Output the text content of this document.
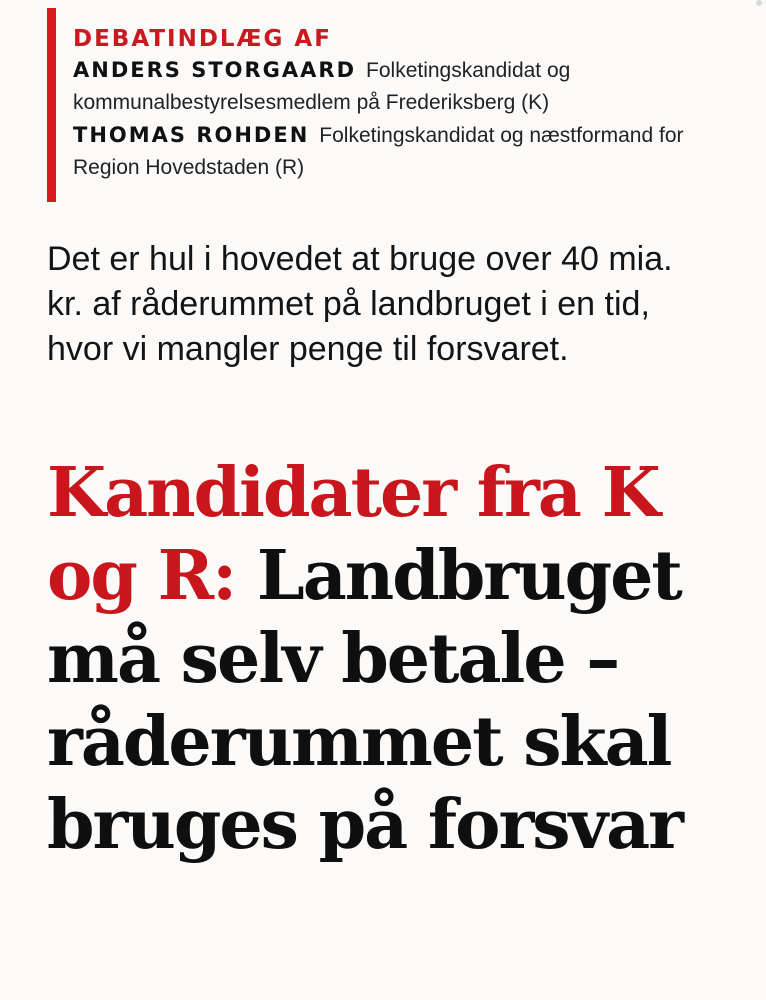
DEBATINDLÆG AF

ANDERS STORGAARD Folketingskandidat og kommunalbestyrelsesmedlem på Frederiksberg (K)

THOMAS ROHDEN Folketingskandidat og næstformand for Region Hovedstaden (R)

Det er hul i hovedet at bruge over 40 mia. kr. af råderummet på landbruget i en tid, hvor vi mangler penge til forsvaret.

Kandidater fra K og R: Landbruget må selv betale – råderummet skal bruges på forsvar
